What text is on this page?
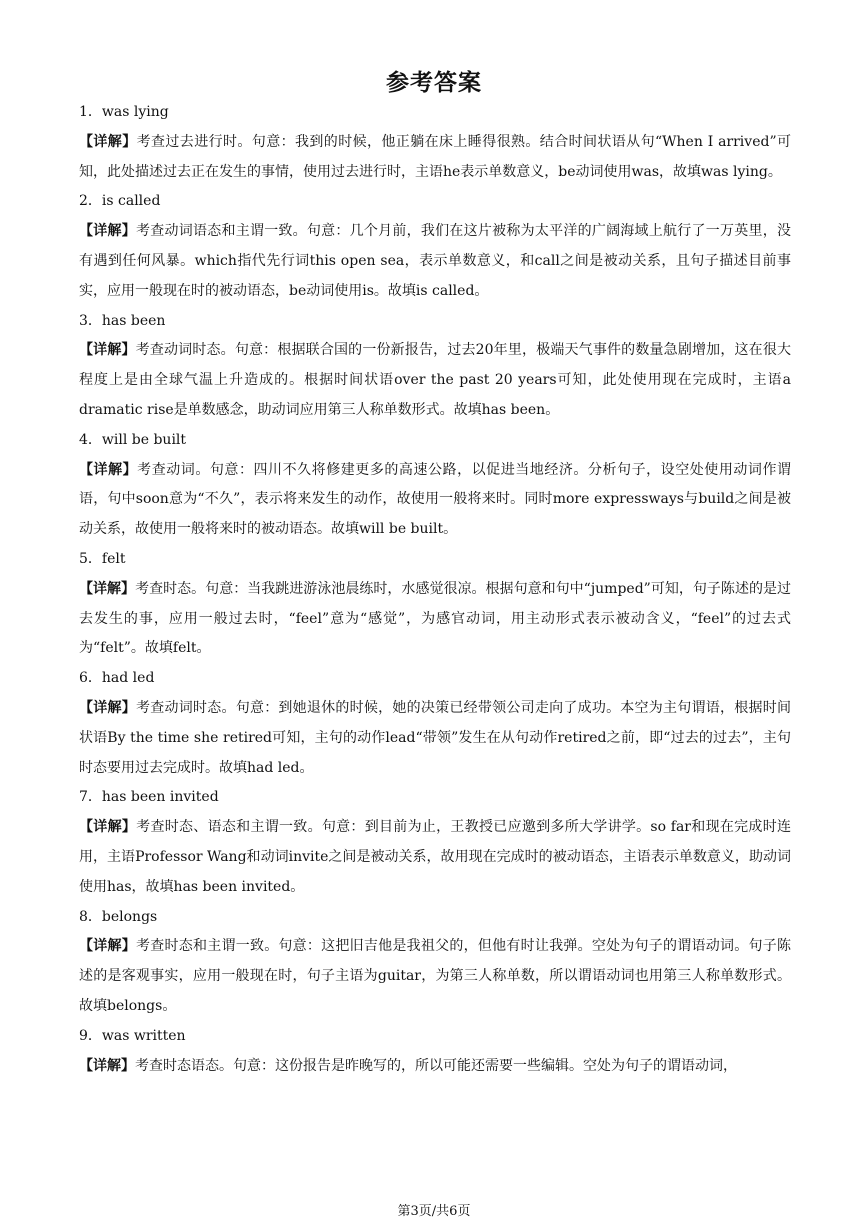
参考答案

1．was lying

【详解】考查过去进行时。句意：我到的时候，他正躺在床上睡得很熟。结合时间状语从句“When I arrived”可知，此处描述过去正在发生的事情，使用过去进行时，主语he表示单数意义，be动词使用was，故填was lying。

2．is called

【详解】考查动词语态和主谓一致。句意：几个月前，我们在这片被称为太平洋的广阔海域上航行了一万英里，没有遇到任何风暴。which指代先行词this open sea，表示单数意义，和call之间是被动关系，且句子描述目前事实，应用一般现在时的被动语态，be动词使用is。故填is called。

3．has been

【详解】考查动词时态。句意：根据联合国的一份新报告，过去20年里，极端天气事件的数量急剧增加，这在很大程度上是由全球气温上升造成的。根据时间状语over the past 20 years可知，此处使用现在完成时，主语a dramatic rise是单数感念，助动词应用第三人称单数形式。故填has been。

4．will be built

【详解】考查动词。句意：四川不久将修建更多的高速公路，以促进当地经济。分析句子，设空处使用动词作谓语，句中soon意为“不久”，表示将来发生的动作，故使用一般将来时。同时more expressways与build之间是被动关系，故使用一般将来时的被动语态。故填will be built。

5．felt

【详解】考查时态。句意：当我跳进游泳池晨练时，水感觉很凉。根据句意和句中“jumped”可知，句子陈述的是过去发生的事，应用一般过去时，“feel”意为“感觉”，为感官动词，用主动形式表示被动含义，“feel”的过去式为“felt”。故填felt。

6．had led

【详解】考查动词时态。句意：到她退休的时候，她的决策已经带领公司走向了成功。本空为主句谓语，根据时间状语By the time she retired可知，主句的动作lead“带领”发生在从句动作retired之前，即“过去的过去”，主句时态要用过去完成时。故填had led。

7．has been invited

【详解】考查时态、语态和主谓一致。句意：到目前为止，王教授已应邀到多所大学讲学。so far和现在完成时连用，主语Professor Wang和动词invite之间是被动关系，故用现在完成时的被动语态，主语表示单数意义，助动词使用has，故填has been invited。

8．belongs

【详解】考查时态和主谓一致。句意：这把旧吉他是我祖父的，但他有时让我弹。空处为句子的谓语动词。句子陈述的是客观事实，应用一般现在时，句子主语为guitar，为第三人称单数，所以谓语动词也用第三人称单数形式。故填belongs。

9．was written

【详解】考查时态语态。句意：这份报告是昨晚写的，所以可能还需要一些编辑。空处为句子的谓语动词，

第3页/共6页
